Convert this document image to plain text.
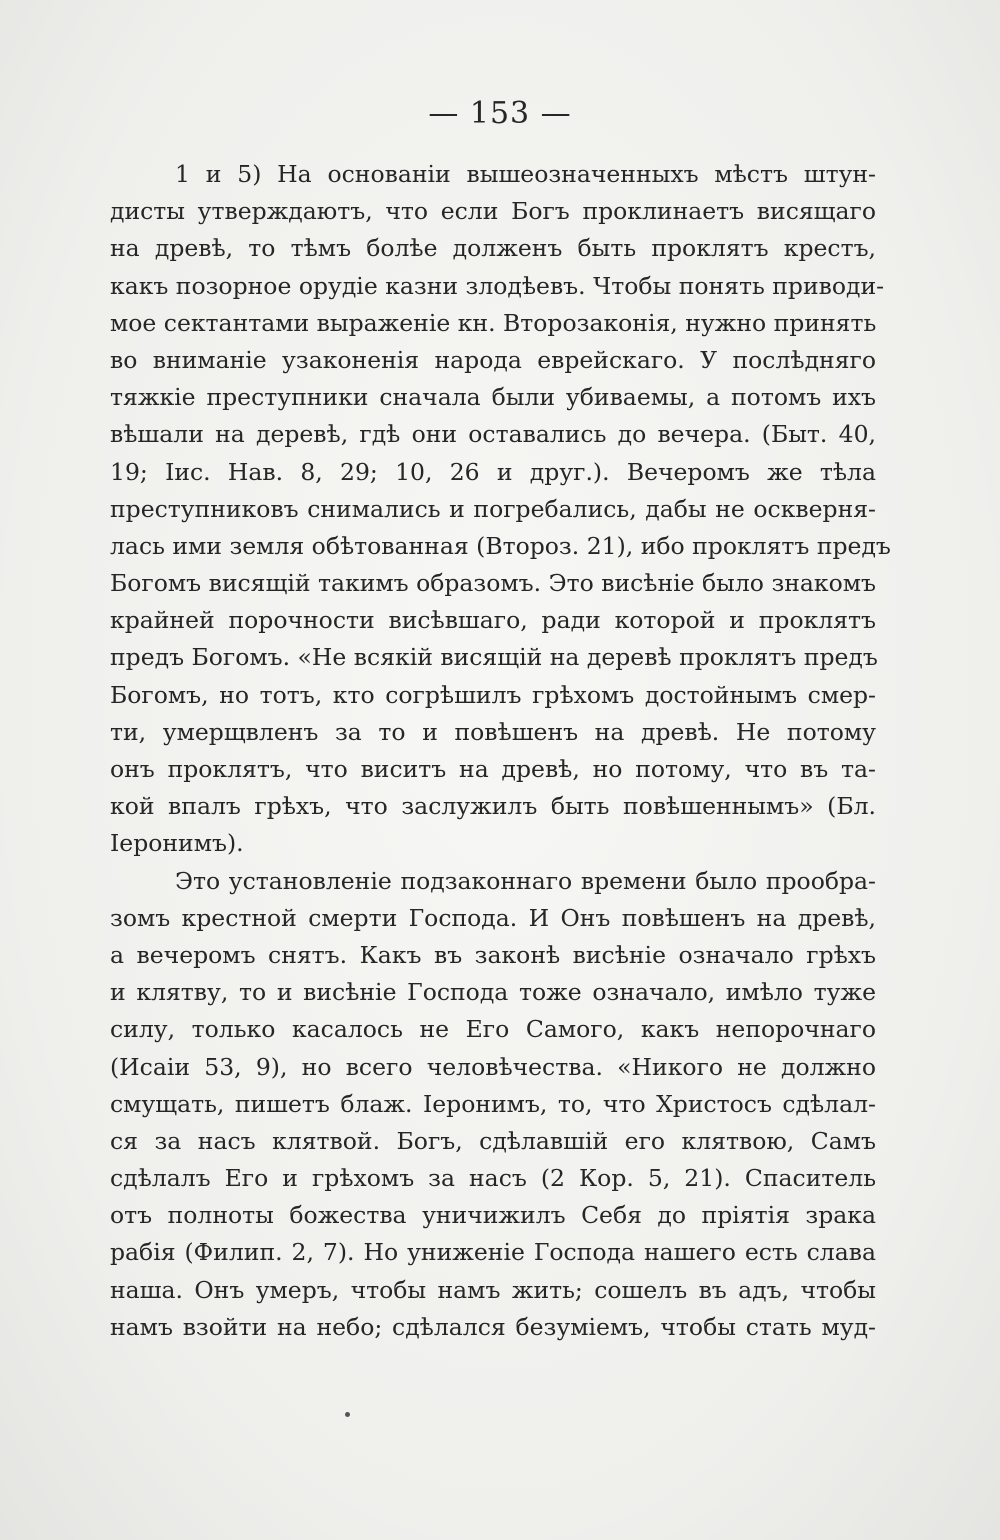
— 153 —
1 и 5) На основаніи вышеозначенныхъ мѣстъ штун-
дисты утверждаютъ, что если Богъ проклинаетъ висящаго
на древѣ, то тѣмъ болѣе долженъ быть проклятъ крестъ,
какъ позорное орудіе казни злодѣевъ. Чтобы понять приводи-
мое сектантами выраженіе кн. Второзаконія, нужно принять
во вниманіе узаконенія народа еврейскаго. У послѣдняго
тяжкіе преступники сначала были убиваемы, а потомъ ихъ
вѣшали на деревѣ, гдѣ они оставались до вечера. (Быт. 40,
19; Іис. Нав. 8, 29; 10, 26 и друг.). Вечеромъ же тѣла
преступниковъ снимались и погребались, дабы не оскверня-
лась ими земля обѣтованная (Второз. 21), ибо проклятъ предъ
Богомъ висящій такимъ образомъ. Это висѣніе было знакомъ
крайней порочности висѣвшаго, ради которой и проклятъ
предъ Богомъ. «Не всякій висящій на деревѣ проклятъ предъ
Богомъ, но тотъ, кто согрѣшилъ грѣхомъ достойнымъ смер-
ти, умерщвленъ за то и повѣшенъ на древѣ. Не потому
онъ проклятъ, что виситъ на древѣ, но потому, что въ та-
кой впалъ грѣхъ, что заслужилъ быть повѣшеннымъ» (Бл.
Іеронимъ).
Это установленіе подзаконнаго времени было прообра-
зомъ крестной смерти Господа. И Онъ повѣшенъ на древѣ,
а вечеромъ снятъ. Какъ въ законѣ висѣніе означало грѣхъ
и клятву, то и висѣніе Господа тоже означало, имѣло туже
силу, только касалось не Его Самого, какъ непорочнаго
(Исаіи 53, 9), но всего человѣчества. «Никого не должно
смущать, пишетъ блаж. Іеронимъ, то, что Христосъ сдѣлал-
ся за насъ клятвой. Богъ, сдѣлавшій его клятвою, Самъ
сдѣлалъ Его и грѣхомъ за насъ (2 Кор. 5, 21). Спаситель
отъ полноты божества уничижилъ Себя до пріятія зрака
рабія (Филип. 2, 7). Но униженіе Господа нашего есть слава
наша. Онъ умеръ, чтобы намъ жить; сошелъ въ адъ, чтобы
намъ взойти на небо; сдѣлался безуміемъ, чтобы стать муд-
